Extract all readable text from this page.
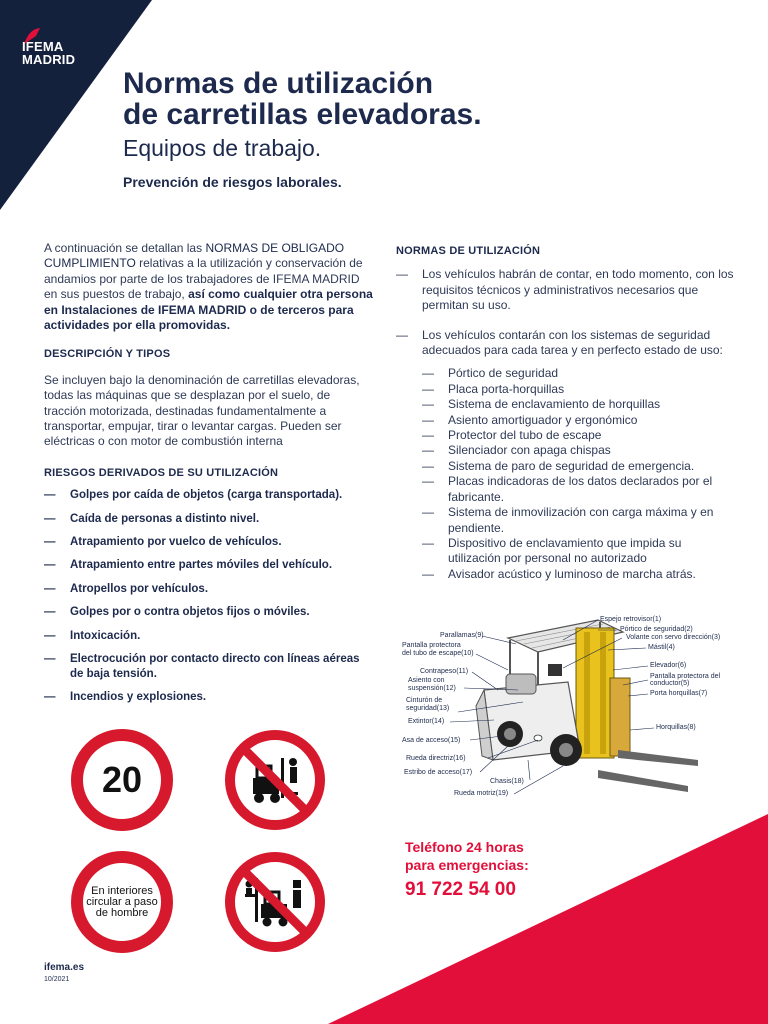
IFEMA
MADRID
Normas de utilización
de carretillas elevadoras.

Equipos de trabajo.

Prevención de riesgos laborales.

A continuación se detallan las NORMAS DE OBLIGADO CUMPLIMIENTO relativas a la utilización y conservación de andamios por parte de los trabajadores de IFEMA MADRID en sus puestos de trabajo, así como cualquier otra persona en Instalaciones de IFEMA MADRID o de terceros para actividades por ella promovidas.

DESCRIPCIÓN Y TIPOS

Se incluyen bajo la denominación de carretillas elevadoras, todas las máquinas que se desplazan por el suelo, de tracción motorizada, destinadas fundamentalmente a transportar, empujar, tirar o levantar cargas. Pueden ser eléctricas o con motor de combustión interna

RIESGOS DERIVADOS DE SU UTILIZACIÓN

— Golpes por caída de objetos (carga transportada).
— Caída de personas a distinto nivel.
— Atrapamiento por vuelco de vehículos.
— Atrapamiento entre partes móviles del vehículo.
— Atropellos por vehículos.
— Golpes por o contra objetos fijos o móviles.
— Intoxicación.
— Electrocución por contacto directo con líneas aéreas de baja tensión.
— Incendios y explosiones.

NORMAS DE UTILIZACIÓN

— Los vehículos habrán de contar, en todo momento, con los requisitos técnicos y administrativos necesarios que permitan su uso.
— Los vehículos contarán con los sistemas de seguridad adecuados para cada tarea y en perfecto estado de uso:
— Pórtico de seguridad
— Placa porta-horquillas
— Sistema de enclavamiento de horquillas
— Asiento amortiguador y ergonómico
— Protector del tubo de escape
— Silenciador con apaga chispas
— Sistema de paro de seguridad de emergencia.
— Placas indicadoras de los datos declarados por el fabricante.
— Sistema de inmovilización con carga máxima y en pendiente.
— Dispositivo de enclavamiento que impida su utilización por personal no autorizado
— Avisador acústico y luminoso de marcha atrás.
20
En interiores circular a paso de hombre
Espejo retrovisor(1)
Pórtico de seguridad(2)
Volante con servo dirección(3)
Mástil(4)
Parallamas(9)
Pantalla protectora
del tubo de escape(10)
Elevador(6)
Pantalla protectora del
conductor(5)
Porta horquillas(7)
Contrapeso(11)
Asiento con
suspensión(12)
Cinturón de
seguridad(13)
Extintor(14)
Horquillas(8)
Asa de acceso(15)
Rueda directriz(16)
Estribo de acceso(17)
Chasis(18)
Rueda motriz(19)
Teléfono 24 horas
para emergencias:
91 722 54 00
ifema.es
10/2021
